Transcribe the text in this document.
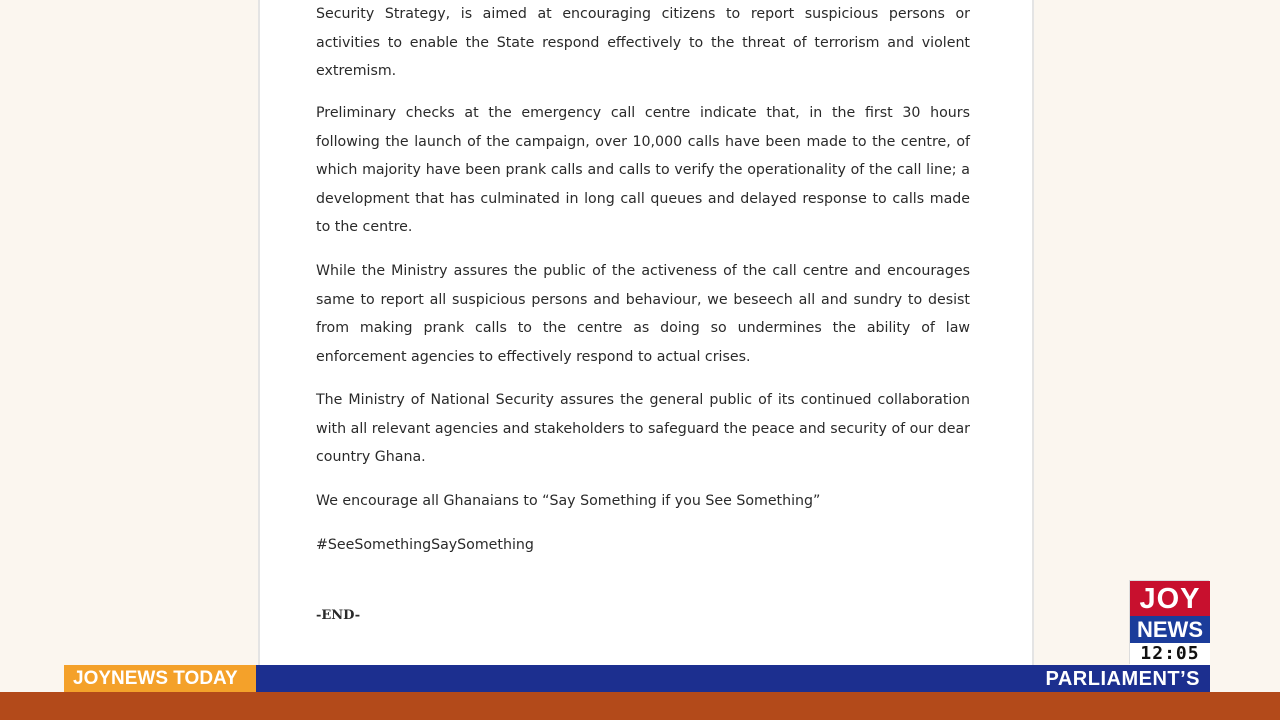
Security Strategy, is aimed at encouraging citizens to report suspicious persons or activities to enable the State respond effectively to the threat of terrorism and violent extremism.

Preliminary checks at the emergency call centre indicate that, in the first 30 hours following the launch of the campaign, over 10,000 calls have been made to the centre, of which majority have been prank calls and calls to verify the operationality of the call line; a development that has culminated in long call queues and delayed response to calls made to the centre.

While the Ministry assures the public of the activeness of the call centre and encourages same to report all suspicious persons and behaviour, we beseech all and sundry to desist from making prank calls to the centre as doing so undermines the ability of law enforcement agencies to effectively respond to actual crises.

The Ministry of National Security assures the general public of its continued collaboration with all relevant agencies and stakeholders to safeguard the peace and security of our dear country Ghana.

We encourage all Ghanaians to “Say Something if you See Something”

#SeeSomethingSaySomething

-END-
JOY
NEWS
12:05
JOYNEWS TODAY	PARLIAMENT’S
